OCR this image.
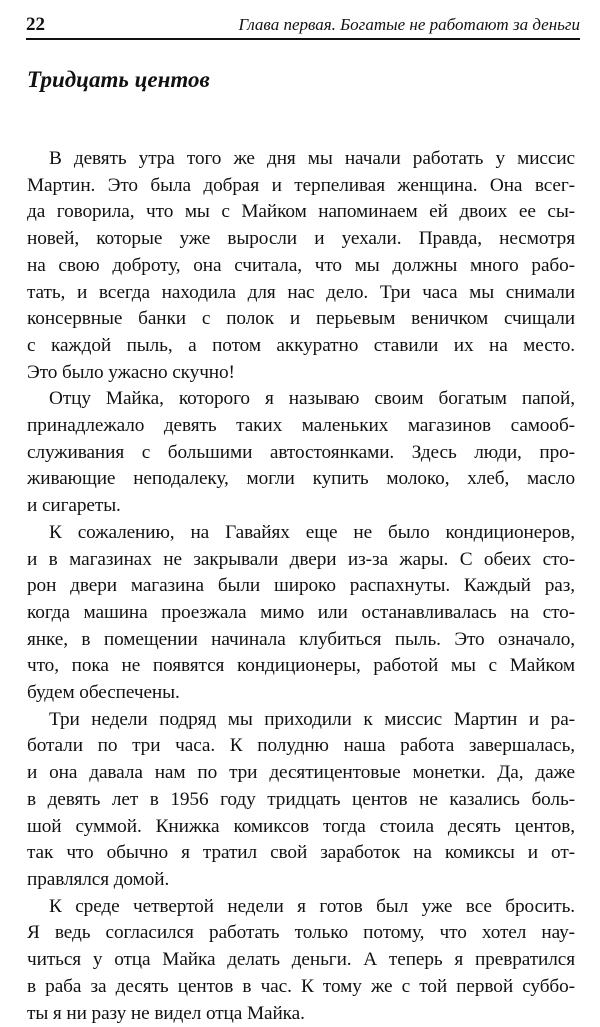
22	Глава первая. Богатые не работают за деньги
Тридцать центов

В девять утра того же дня мы начали работать у миссис
Мартин. Это была добрая и терпеливая женщина. Она всег-
да говорила, что мы с Майком напоминаем ей двоих ее сы-
новей, которые уже выросли и уехали. Правда, несмотря
на свою доброту, она считала, что мы должны много рабо-
тать, и всегда находила для нас дело. Три часа мы снимали
консервные банки с полок и перьевым веничком счищали
с каждой пыль, а потом аккуратно ставили их на место.
Это было ужасно скучно!

Отцу Майка, которого я называю своим богатым папой,
принадлежало девять таких маленьких магазинов самооб-
служивания с большими автостоянками. Здесь люди, про-
живающие неподалеку, могли купить молоко, хлеб, масло
и сигареты.

К сожалению, на Гавайях еще не было кондиционеров,
и в магазинах не закрывали двери из-за жары. С обеих сто-
рон двери магазина были широко распахнуты. Каждый раз,
когда машина проезжала мимо или останавливалась на сто-
янке, в помещении начинала клубиться пыль. Это означало,
что, пока не появятся кондиционеры, работой мы с Майком
будем обеспечены.

Три недели подряд мы приходили к миссис Мартин и ра-
ботали по три часа. К полудню наша работа завершалась,
и она давала нам по три десятицентовые монетки. Да, даже
в девять лет в 1956 году тридцать центов не казались боль-
шой суммой. Книжка комиксов тогда стоила десять центов,
так что обычно я тратил свой заработок на комиксы и от-
правлялся домой.

К среде четвертой недели я готов был уже все бросить.
Я ведь согласился работать только потому, что хотел нау-
читься у отца Майка делать деньги. А теперь я превратился
в раба за десять центов в час. К тому же с той первой суббо-
ты я ни разу не видел отца Майка.
